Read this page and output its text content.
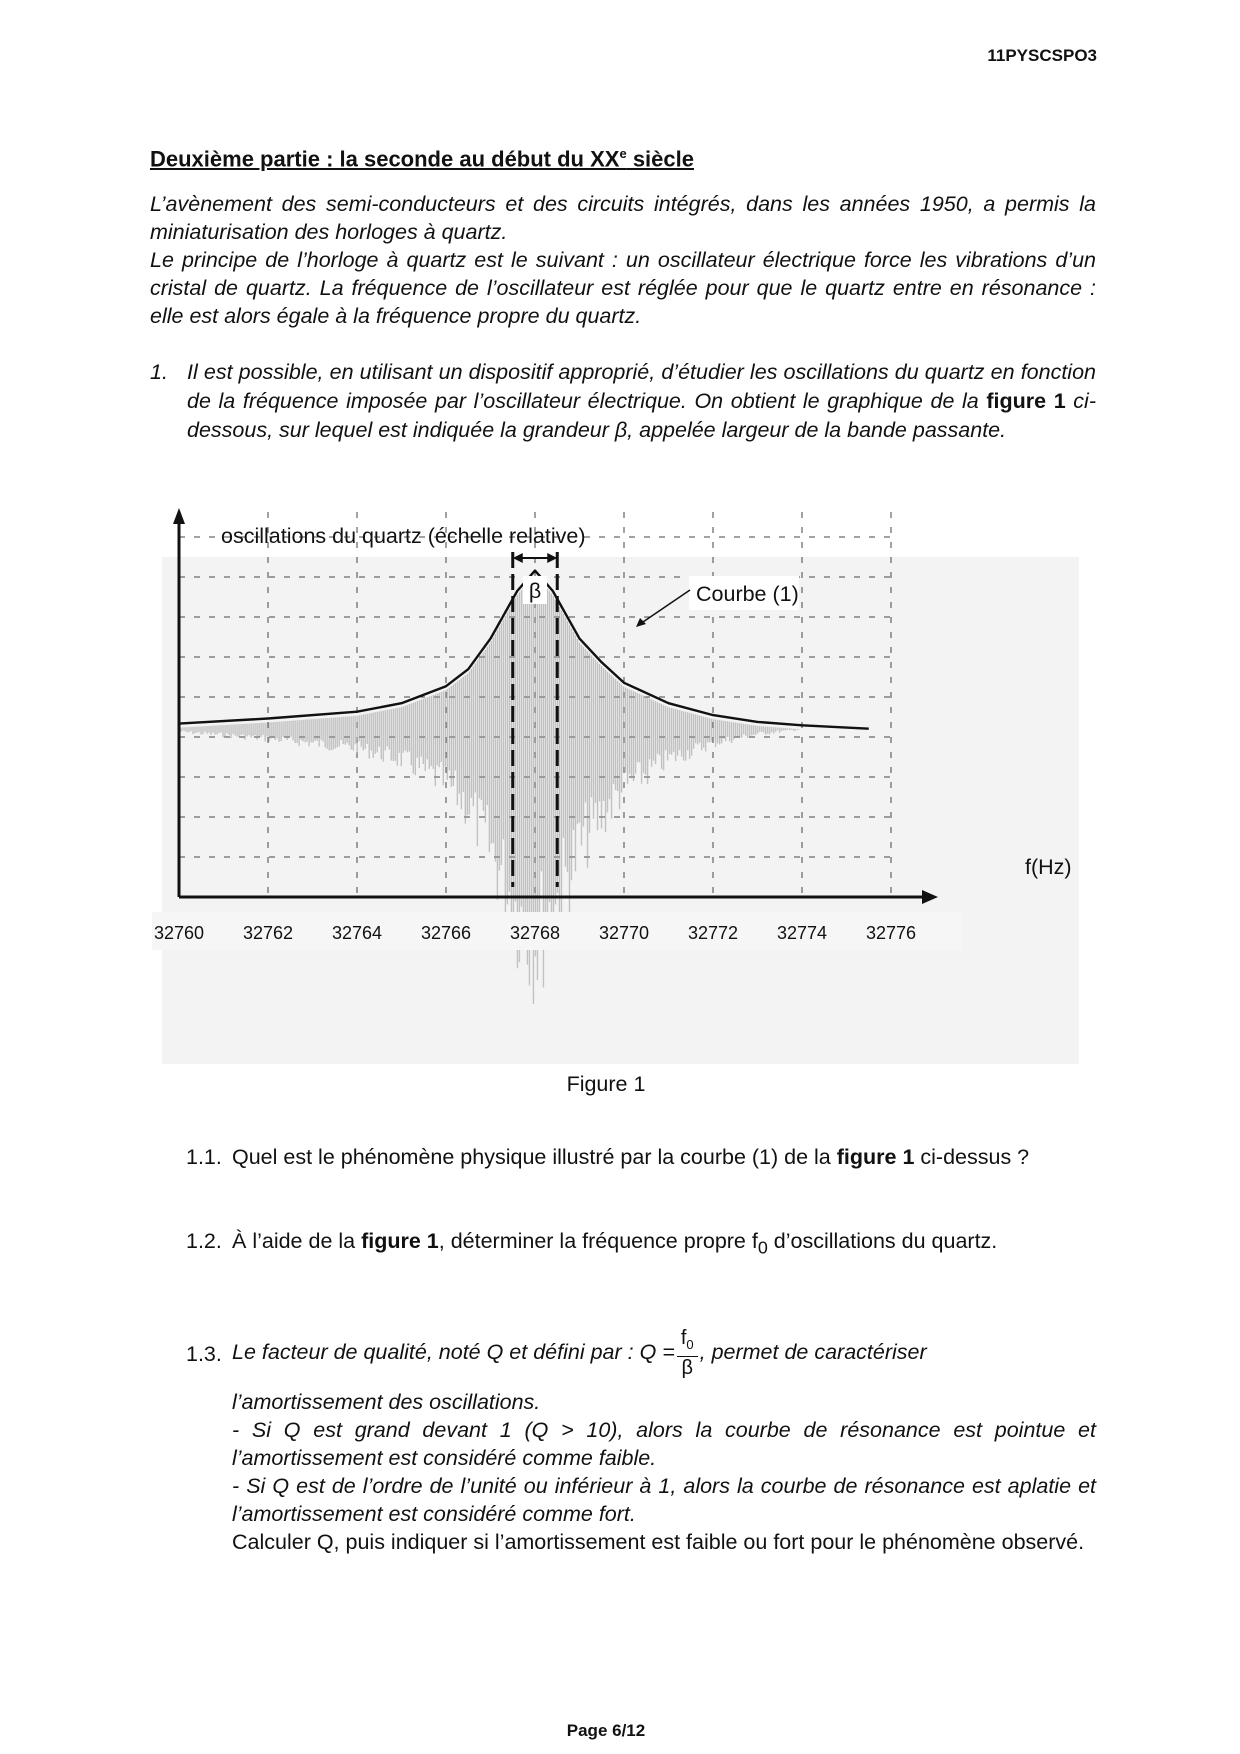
11PYSCSPO3
Deuxième partie : la seconde au début du XXe siècle

L’avènement des semi-conducteurs et des circuits intégrés, dans les années 1950, a permis la miniaturisation des horloges à quartz.

Le principe de l’horloge à quartz est le suivant : un oscillateur électrique force les vibrations d’un cristal de quartz. La fréquence de l’oscillateur est réglée pour que le quartz entre en résonance : elle est alors égale à la fréquence propre du quartz.

1. Il est possible, en utilisant un dispositif approprié, d’étudier les oscillations du quartz en fonction de la fréquence imposée par l’oscillateur électrique. On obtient le graphique de la figure 1 ci-dessous, sur lequel est indiquée la grandeur β, appelée largeur de la bande passante.
β
32760 32762 32764 32766 32768 32770 32772 32774 32776
oscillations du quartz (échelle relative)
f(Hz)
Courbe (1)
Figure 1
1.1. Quel est le phénomène physique illustré par la courbe (1) de la figure 1 ci-dessus ?
1.2. À l’aide de la figure 1, déterminer la fréquence propre $f_0$ d’oscillations du quartz.
1.3. Le facteur de qualité, noté Q et défini par : $Q = \frac{f_0}{\beta}$ , permet de caractériser

l’amortissement des oscillations.

- Si Q est grand devant 1 (Q > 10), alors la courbe de résonance est pointue et l’amortissement est considéré comme faible.

- Si Q est de l’ordre de l’unité ou inférieur à 1, alors la courbe de résonance est aplatie et l’amortissement est considéré comme fort.

Calculer Q, puis indiquer si l’amortissement est faible ou fort pour le phénomène observé.

Page 6/12
